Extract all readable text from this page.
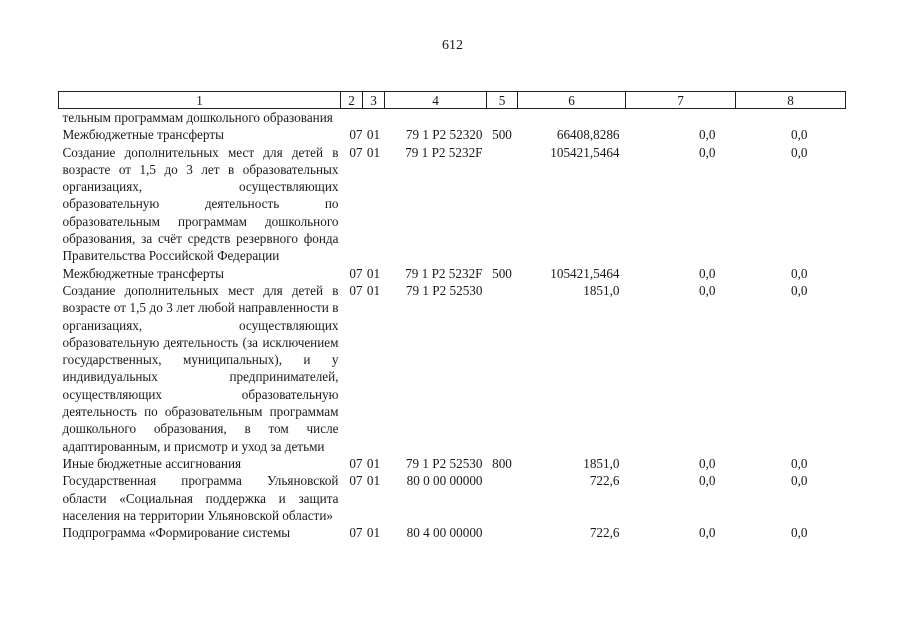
612
1	2	3	4	5	6	7	8
тельным программам дошкольного образования							
Межбюджетные трансферты	07	01	79 1 P2 52320	500	66408,8286	0,0	0,0
Создание дополнительных мест для детей в возрасте от 1,5 до 3 лет в образовательных организациях, осуществляющих образовательную деятельность по образовательным программам дошкольного образования, за счёт средств резервного фонда Правительства Российской Федерации	07	01	79 1 P2 5232F		105421,5464	0,0	0,0
Межбюджетные трансферты	07	01	79 1 P2 5232F	500	105421,5464	0,0	0,0
Создание дополнительных мест для детей в возрасте от 1,5 до 3 лет любой направленности в организациях, осуществляющих образовательную деятельность (за исключением государственных, муниципальных), и у индивидуальных предпринимателей, осуществляющих образовательную деятельность по образовательным программам дошкольного образования, в том числе адаптированным, и присмотр и уход за детьми	07	01	79 1 P2 52530		1851,0	0,0	0,0
Иные бюджетные ассигнования	07	01	79 1 P2 52530	800	1851,0	0,0	0,0
Государственная программа Ульяновской области «Социальная поддержка и защита населения на территории Ульяновской области»	07	01	80 0 00 00000		722,6	0,0	0,0
Подпрограмма «Формирование системы	07	01	80 4 00 00000		722,6	0,0	0,0
